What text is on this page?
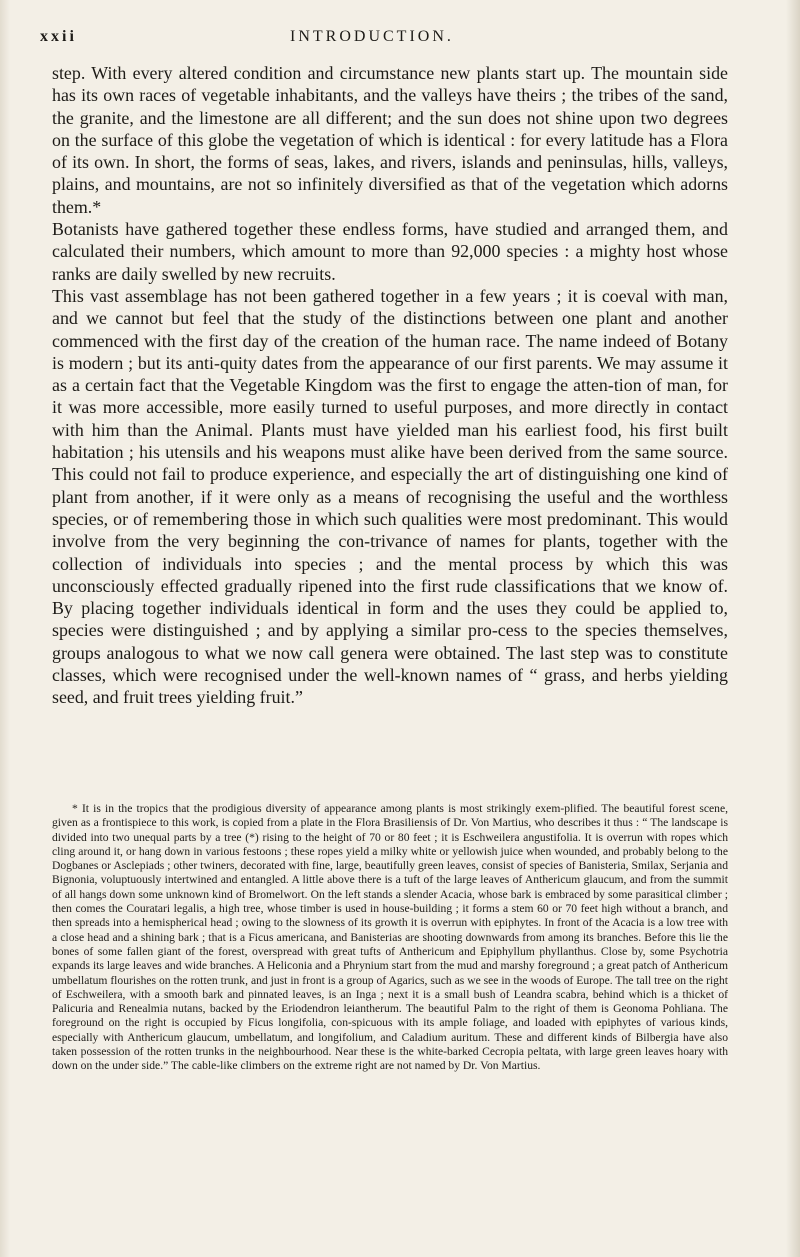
xxii	INTRODUCTION.

step. With every altered condition and circumstance new plants start up. The mountain side has its own races of vegetable inhabitants, and the valleys have theirs ; the tribes of the sand, the granite, and the limestone are all different; and the sun does not shine upon two degrees on the surface of this globe the vegetation of which is identical : for every latitude has a Flora of its own. In short, the forms of seas, lakes, and rivers, islands and peninsulas, hills, valleys, plains, and mountains, are not so infinitely diversified as that of the vegetation which adorns them.*

Botanists have gathered together these endless forms, have studied and arranged them, and calculated their numbers, which amount to more than 92,000 species : a mighty host whose ranks are daily swelled by new recruits.

This vast assemblage has not been gathered together in a few years ; it is coeval with man, and we cannot but feel that the study of the distinctions between one plant and another commenced with the first day of the creation of the human race. The name indeed of Botany is modern ; but its anti-quity dates from the appearance of our first parents. We may assume it as a certain fact that the Vegetable Kingdom was the first to engage the atten-tion of man, for it was more accessible, more easily turned to useful purposes, and more directly in contact with him than the Animal. Plants must have yielded man his earliest food, his first built habitation ; his utensils and his weapons must alike have been derived from the same source. This could not fail to produce experience, and especially the art of distinguishing one kind of plant from another, if it were only as a means of recognising the useful and the worthless species, or of remembering those in which such qualities were most predominant. This would involve from the very beginning the con-trivance of names for plants, together with the collection of individuals into species ; and the mental process by which this was unconsciously effected gradually ripened into the first rude classifications that we know of. By placing together individuals identical in form and the uses they could be applied to, species were distinguished ; and by applying a similar pro-cess to the species themselves, groups analogous to what we now call genera were obtained. The last step was to constitute classes, which were recognised under the well-known names of “ grass, and herbs yielding seed, and fruit trees yielding fruit.”

* It is in the tropics that the prodigious diversity of appearance among plants is most strikingly exem-plified. The beautiful forest scene, given as a frontispiece to this work, is copied from a plate in the Flora Brasiliensis of Dr. Von Martius, who describes it thus : “ The landscape is divided into two unequal parts by a tree (*) rising to the height of 70 or 80 feet ; it is Eschweilera angustifolia. It is overrun with ropes which cling around it, or hang down in various festoons ; these ropes yield a milky white or yellowish juice when wounded, and probably belong to the Dogbanes or Asclepiads ; other twiners, decorated with fine, large, beautifully green leaves, consist of species of Banisteria, Smilax, Serjania and Bignonia, voluptuously intertwined and entangled. A little above there is a tuft of the large leaves of Anthericum glaucum, and from the summit of all hangs down some unknown kind of Bromelwort. On the left stands a slender Acacia, whose bark is embraced by some parasitical climber ; then comes the Couratari legalis, a high tree, whose timber is used in house-building ; it forms a stem 60 or 70 feet high without a branch, and then spreads into a hemispherical head ; owing to the slowness of its growth it is overrun with epiphytes. In front of the Acacia is a low tree with a close head and a shining bark ; that is a Ficus americana, and Banisterias are shooting downwards from among its branches. Before this lie the bones of some fallen giant of the forest, overspread with great tufts of Anthericum and Epiphyllum phyllanthus. Close by, some Psychotria expands its large leaves and wide branches. A Heliconia and a Phrynium start from the mud and marshy foreground ; a great patch of Anthericum umbellatum flourishes on the rotten trunk, and just in front is a group of Agarics, such as we see in the woods of Europe. The tall tree on the right of Eschweilera, with a smooth bark and pinnated leaves, is an Inga ; next it is a small bush of Leandra scabra, behind which is a thicket of Palicuria and Renealmia nutans, backed by the Eriodendron leiantherum. The beautiful Palm to the right of them is Geonoma Pohliana. The foreground on the right is occupied by Ficus longifolia, con-spicuous with its ample foliage, and loaded with epiphytes of various kinds, especially with Anthericum glaucum, umbellatum, and longifolium, and Caladium auritum. These and different kinds of Bilbergia have also taken possession of the rotten trunks in the neighbourhood. Near these is the white-barked Cecropia peltata, with large green leaves hoary with down on the under side.” The cable-like climbers on the extreme right are not named by Dr. Von Martius.
